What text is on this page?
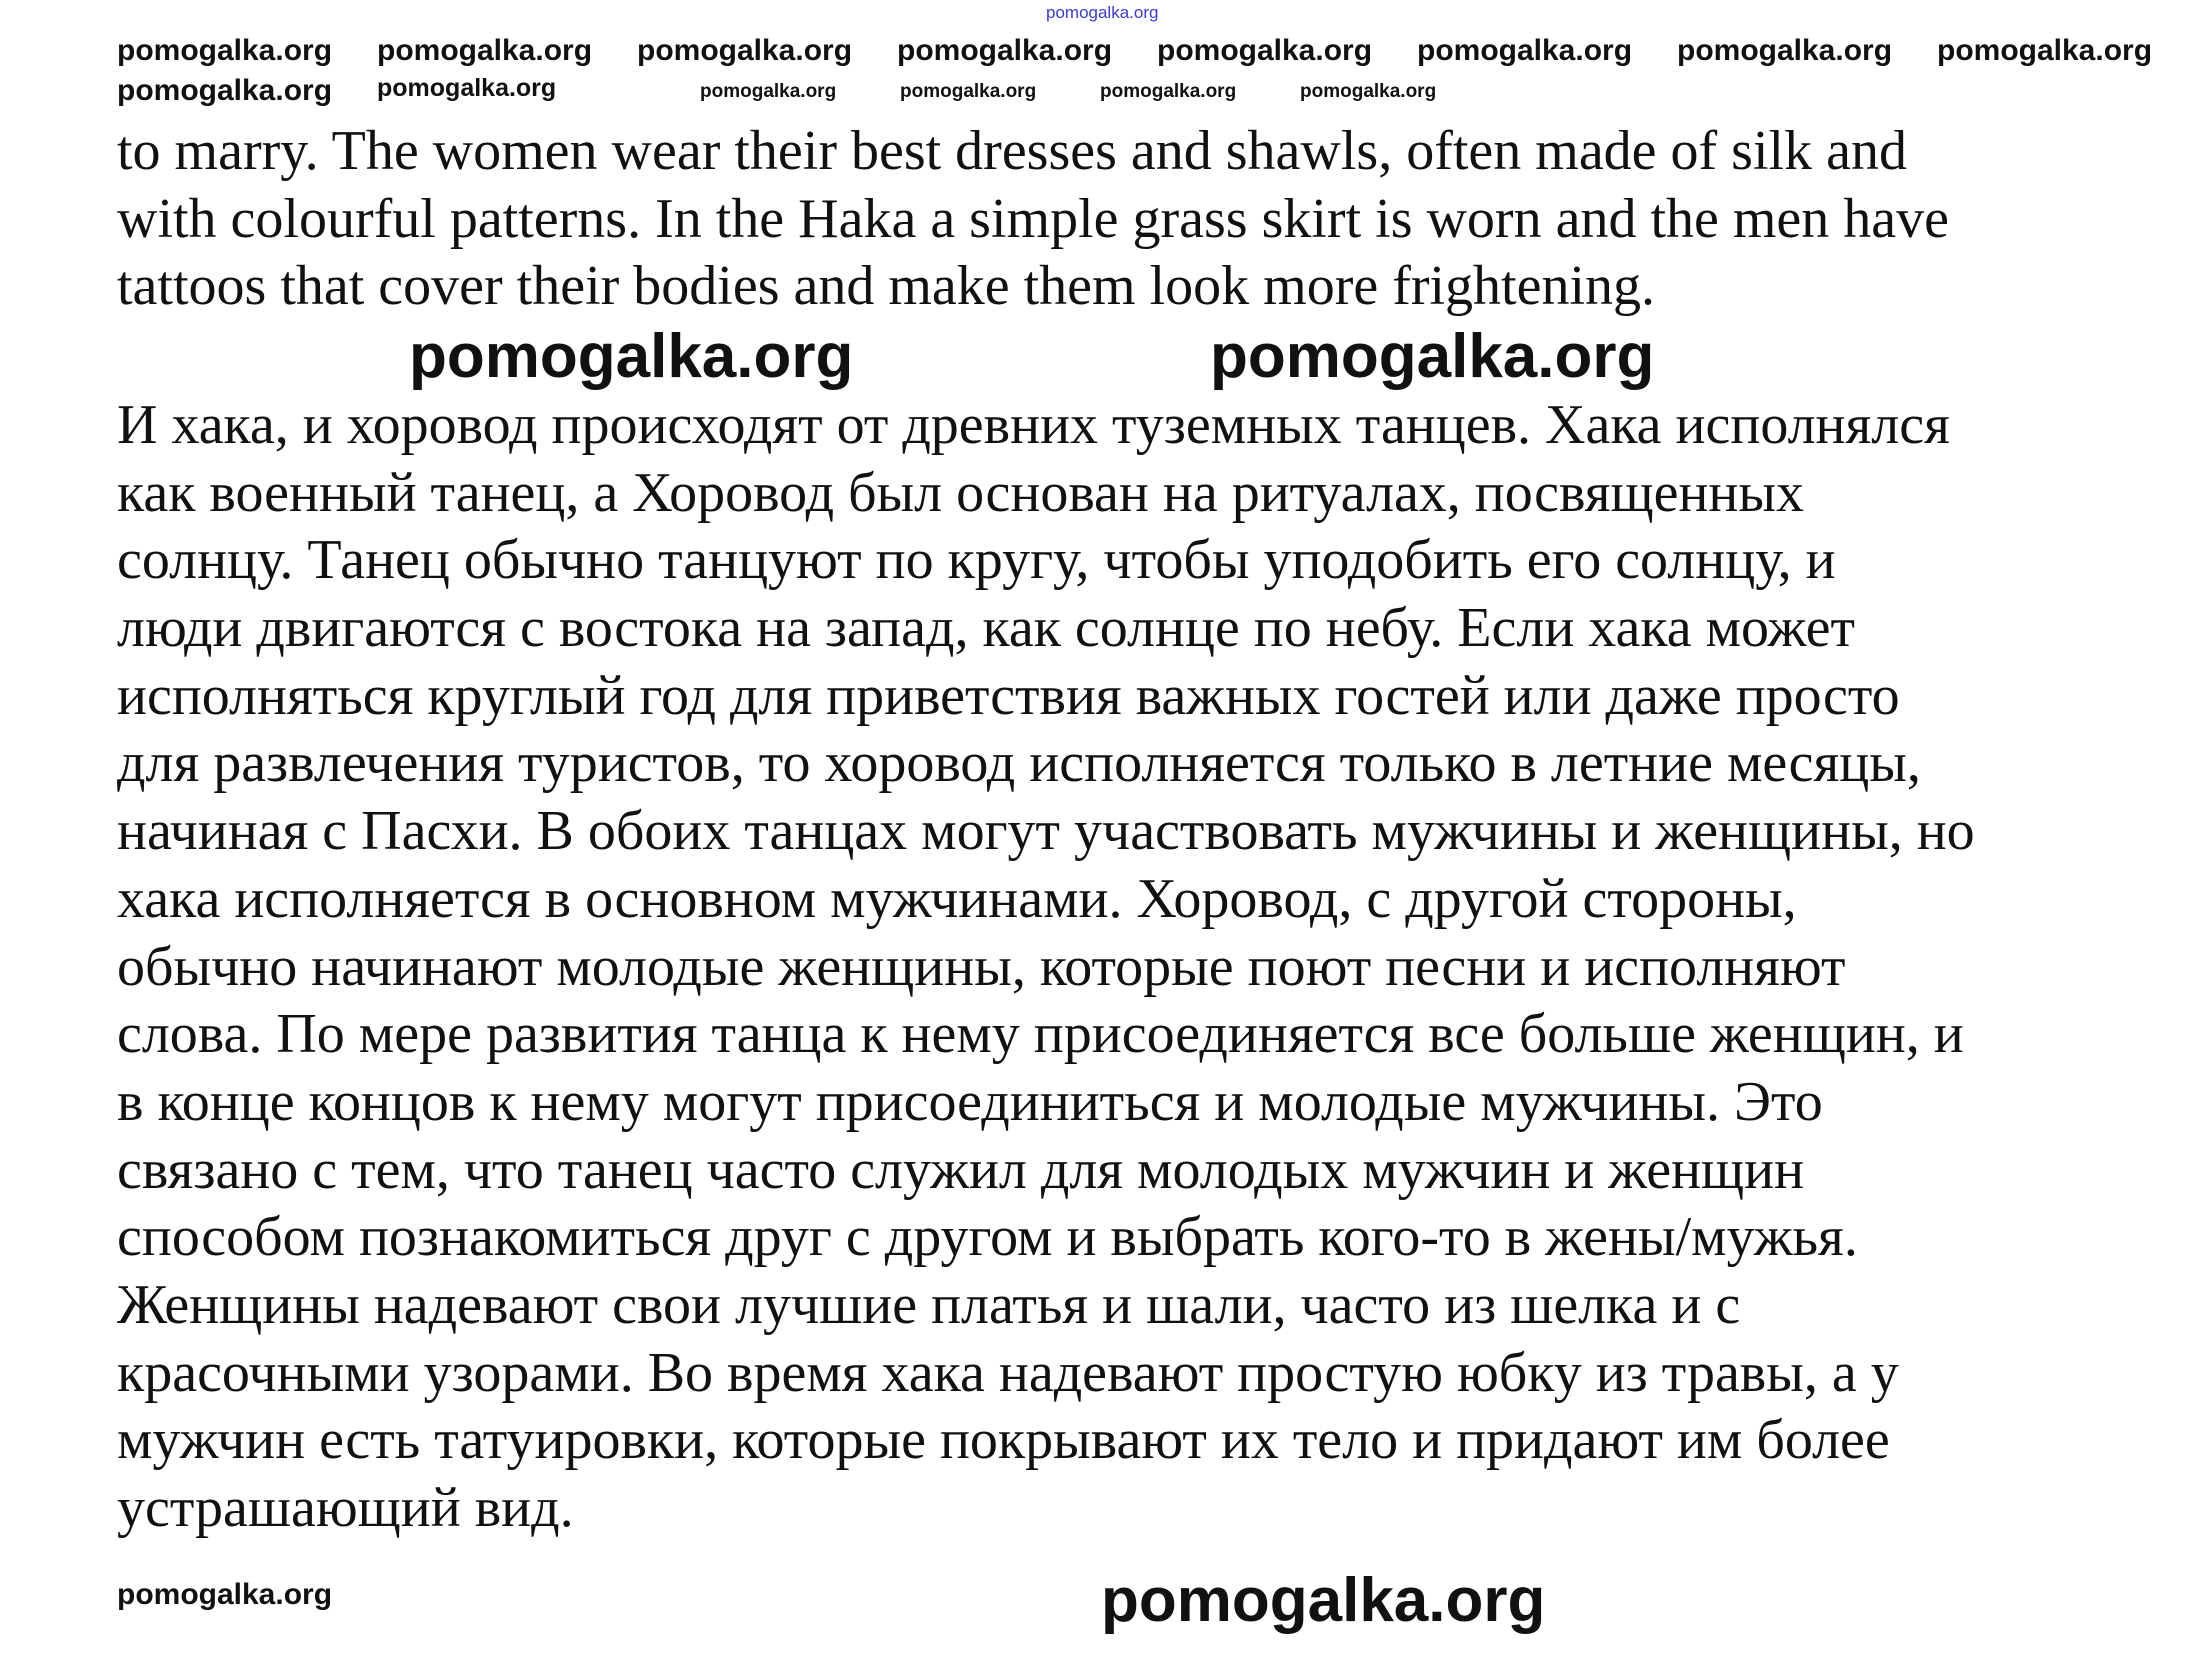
pomogalka.org
to marry. The women wear their best dresses and shawls, often made of silk and
with colourful patterns. In the Haka a simple grass skirt is worn and the men have
tattoos that cover their bodies and make them look more frightening.
И хака, и хоровод происходят от древних туземных танцев. Хака исполнялся
как военный танец, а Хоровод был основан на ритуалах, посвященных
солнцу. Танец обычно танцуют по кругу, чтобы уподобить его солнцу, и
люди двигаются с востока на запад, как солнце по небу. Если хака может
исполняться круглый год для приветствия важных гостей или даже просто
для развлечения туристов, то хоровод исполняется только в летние месяцы,
начиная с Пасхи. В обоих танцах могут участвовать мужчины и женщины, но
хака исполняется в основном мужчинами. Хоровод, с другой стороны,
обычно начинают молодые женщины, которые поют песни и исполняют
слова. По мере развития танца к нему присоединяется все больше женщин, и
в конце концов к нему могут присоединиться и молодые мужчины. Это
связано с тем, что танец часто служил для молодых мужчин и женщин
способом познакомиться друг с другом и выбрать кого-то в жены/мужья.
Женщины надевают свои лучшие платья и шали, часто из шелка и с
красочными узорами. Во время хака надевают простую юбку из травы, а у
мужчин есть татуировки, которые покрывают их тело и придают им более
устрашающий вид.
pomogalka.org	pomogalka.org
pomogalka.org
pomogalka.org pomogalka.org pomogalka.org pomogalka.org pomogalka.org pomogalka.org pomogalka.org pomogalka.org
pomogalka.org pomogalka.org
pomogalka.org
pomogalka.org	pomogalka.org	pomogalka.org	pomogalka.org
